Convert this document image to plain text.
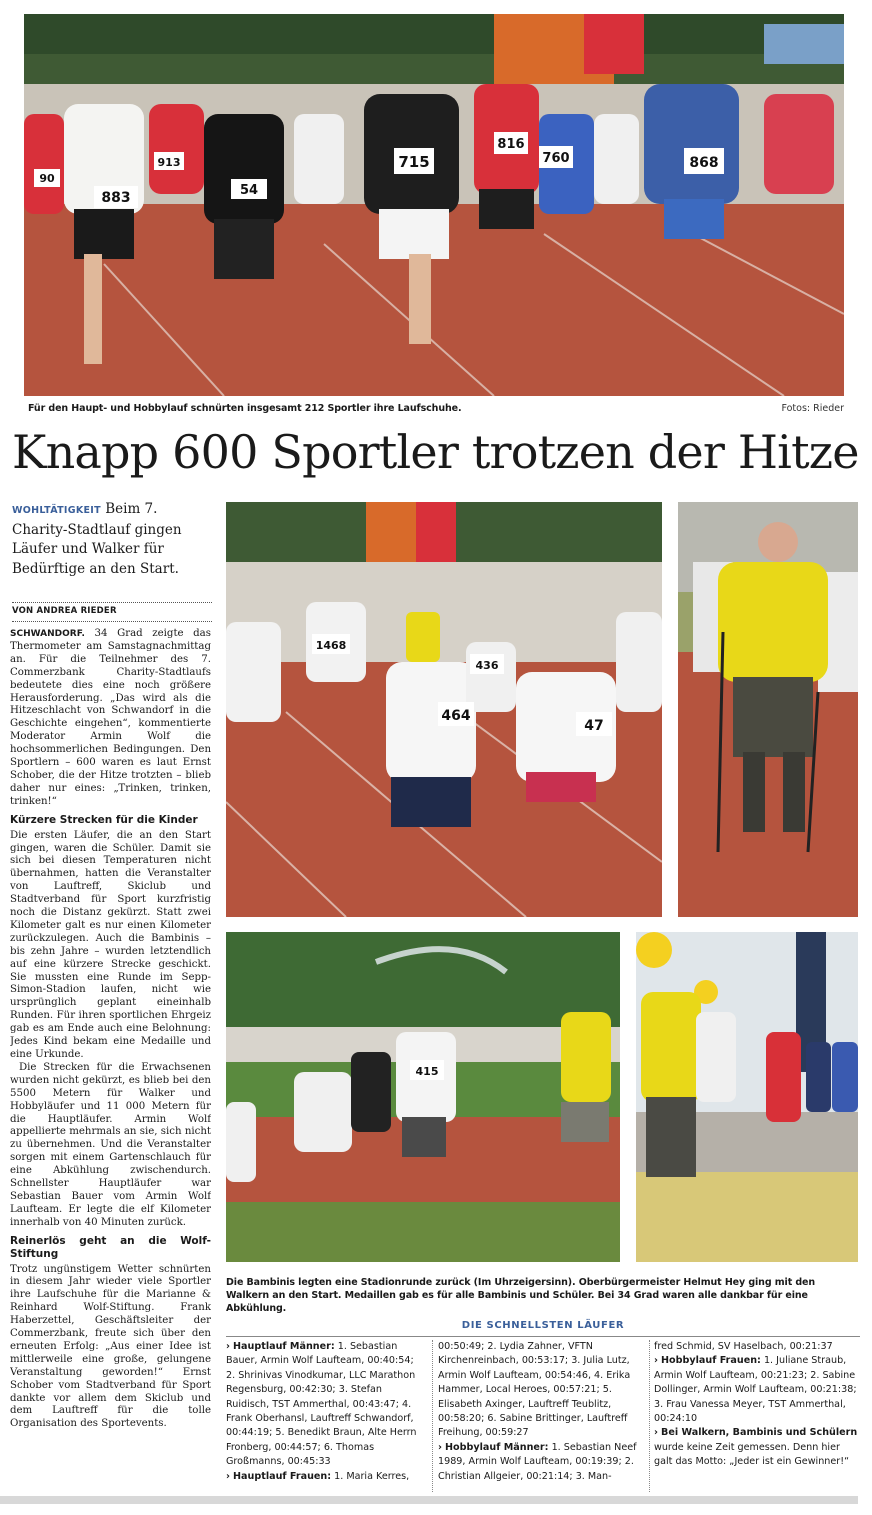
883
913
54
715
816
760	868
90
Für den Haupt- und Hobbylauf schnürten insgesamt 212 Sportler ihre Laufschuhe.	Fotos: Rieder
Knapp 600 Sportler trotzen der Hitze
WOHLTÄTIGKEIT Beim 7. Charity-Stadtlauf gingen Läufer und Walker für Bedürftige an den Start.
VON ANDREA RIEDER

SCHWANDORF. 34 Grad zeigte das Thermometer am Samstagnachmittag an. Für die Teilnehmer des 7. Commerzbank Charity-Stadtlaufs bedeutete dies eine noch größere Herausforderung. „Das wird als die Hitzeschlacht von Schwandorf in die Geschichte eingehen“, kommentierte Moderator Armin Wolf die hochsommerlichen Bedingungen. Den Sportlern – 600 waren es laut Ernst Schober, die der Hitze trotzten – blieb daher nur eines: „Trinken, trinken, trinken!“

Kürzere Strecken für die Kinder

Die ersten Läufer, die an den Start gingen, waren die Schüler. Damit sie sich bei diesen Temperaturen nicht übernahmen, hatten die Veranstalter von Lauftreff, Skiclub und Stadtverband für Sport kurzfristig noch die Distanz gekürzt. Statt zwei Kilometer galt es nur einen Kilometer zurückzulegen. Auch die Bambinis – bis zehn Jahre – wurden letztendlich auf eine kürzere Strecke geschickt. Sie mussten eine Runde im Sepp-Simon-Stadion laufen, nicht wie ursprünglich geplant eineinhalb Runden. Für ihren sportlichen Ehrgeiz gab es am Ende auch eine Belohnung: Jedes Kind bekam eine Medaille und eine Urkunde.

Die Strecken für die Erwachsenen wurden nicht gekürzt, es blieb bei den 5500 Metern für Walker und Hobbyläufer und 11 000 Metern für die Hauptläufer. Armin Wolf appellierte mehrmals an sie, sich nicht zu übernehmen. Und die Veranstalter sorgen mit einem Gartenschlauch für eine Abkühlung zwischendurch. Schnellster Hauptläufer war Sebastian Bauer vom Armin Wolf Laufteam. Er legte die elf Kilometer innerhalb von 40 Minuten zurück.

Reinerlös geht an die Wolf-Stiftung

Trotz ungünstigem Wetter schnürten in diesem Jahr wieder viele Sportler ihre Laufschuhe für die Marianne & Reinhard Wolf-Stiftung. Frank Haberzettel, Geschäftsleiter der Commerzbank, freute sich über den erneuten Erfolg: „Aus einer Idee ist mittlerweile eine große, gelungene Veranstaltung geworden!“ Ernst Schober vom Stadtverband für Sport dankte vor allem dem Skiclub und dem Lauftreff für die tolle Organisation des Sportevents.

1468
436
464
47
415
Die Bambinis legten eine Stadionrunde zurück (Im Uhrzeigersinn). Oberbürgermeister Helmut Hey ging mit den Walkern an den Start. Medaillen gab es für alle Bambinis und Schüler. Bei 34 Grad waren alle dankbar für eine Abkühlung.
DIE SCHNELLSTEN LÄUFER
› Hauptlauf Männer: 1. Sebastian Bauer, Armin Wolf Laufteam, 00:40:54; 2. Shrinivas Vinodkumar, LLC Marathon Regensburg, 00:42:30; 3. Stefan Ruidisch, TST Ammerthal, 00:43:47; 4. Frank Oberhansl, Lauftreff Schwandorf, 00:44:19; 5. Benedikt Braun, Alte Herrn Fronberg, 00:44:57; 6. Thomas Großmanns, 00:45:33
› Hauptlauf Frauen: 1. Maria Kerres,
00:50:49; 2. Lydia Zahner, VFTN Kirchenreinbach, 00:53:17; 3. Julia Lutz, Armin Wolf Laufteam, 00:54:46, 4. Erika Hammer, Local Heroes, 00:57:21; 5. Elisabeth Axinger, Lauftreff Teublitz, 00:58:20; 6. Sabine Brittinger, Lauftreff Freihung, 00:59:27
› Hobbylauf Männer: 1. Sebastian Neef 1989, Armin Wolf Laufteam, 00:19:39; 2. Christian Allgeier, 00:21:14; 3. Man-
fred Schmid, SV Haselbach, 00:21:37
› Hobbylauf Frauen: 1. Juliane Straub, Armin Wolf Laufteam, 00:21:23; 2. Sabine Dollinger, Armin Wolf Laufteam, 00:21:38; 3. Frau Vanessa Meyer, TST Ammerthal, 00:24:10
› Bei Walkern, Bambinis und Schülern wurde keine Zeit gemessen. Denn hier galt das Motto: „Jeder ist ein Gewinner!“
